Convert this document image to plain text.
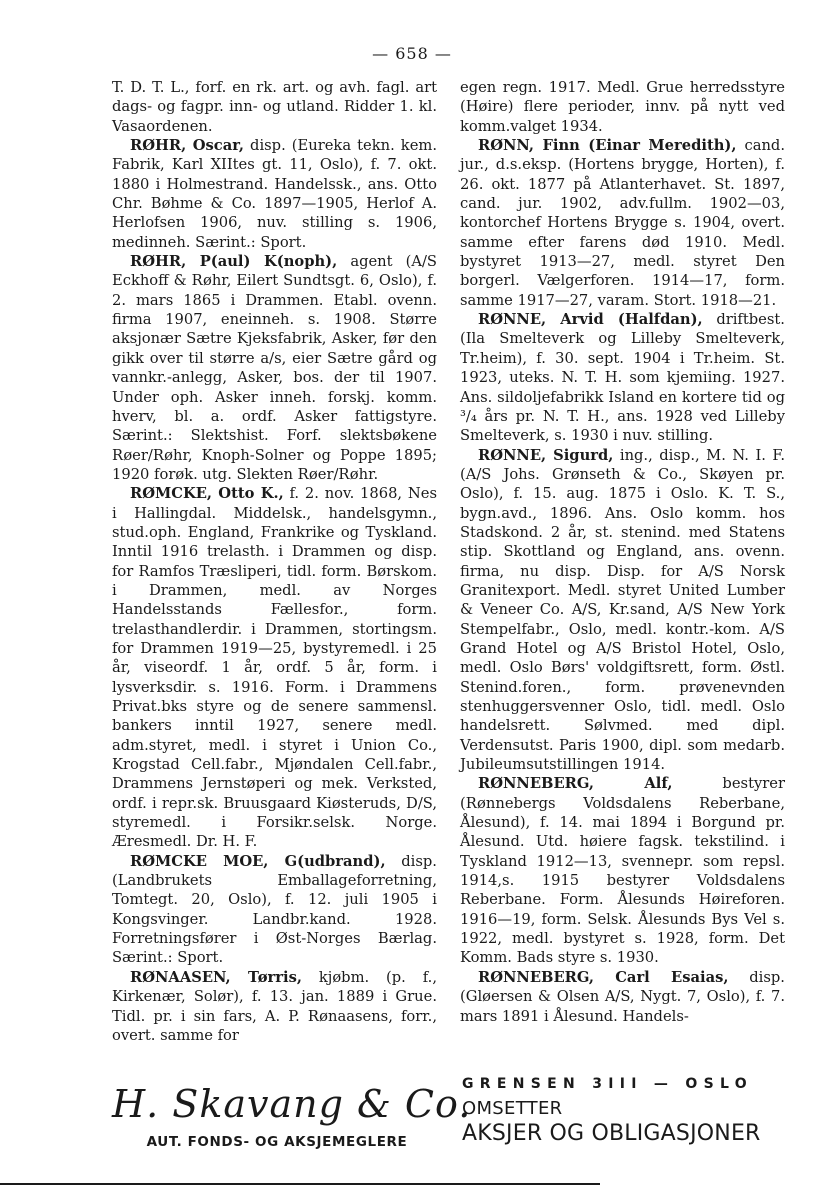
— 658 —

T. D. T. L., forf. en rk. art. og avh. fagl. art dags- og fagpr. inn- og utland. Ridder 1. kl. Vasaordenen.

RØHR, Oscar, disp. (Eureka tekn. kem. Fabrik, Karl XIItes gt. 11, Oslo), f. 7. okt. 1880 i Holmestrand. Handelssk., ans. Otto Chr. Bøhme & Co. 1897—1905, Herlof A. Herlofsen 1906, nuv. stilling s. 1906, medinneh. Særint.: Sport.

RØHR, P(aul) K(noph), agent (A/S Eckhoff & Røhr, Eilert Sundtsgt. 6, Oslo), f. 2. mars 1865 i Drammen. Etabl. ovenn. firma 1907, eneinneh. s. 1908. Større aksjonær Sætre Kjeksfabrik, Asker, før den gikk over til større a/s, eier Sætre gård og vannkr.-anlegg, Asker, bos. der til 1907. Under oph. Asker inneh. forskj. komm. hverv, bl. a. ordf. Asker fattigstyre. Særint.: Slektshist. Forf. slektsbøkene Røer/Røhr, Knoph-Solner og Poppe 1895; 1920 forøk. utg. Slekten Røer/Røhr.

RØMCKE, Otto K., f. 2. nov. 1868, Nes i Hallingdal. Middelsk., handelsgymn., stud.oph. England, Frankrike og Tyskland. Inntil 1916 trelasth. i Drammen og disp. for Ramfos Træsliperi, tidl. form. Børskom. i Drammen, medl. av Norges Handelsstands Fællesfor., form. trelasthandlerdir. i Drammen, stortingsm. for Drammen 1919—25, bystyremedl. i 25 år, viseordf. 1 år, ordf. 5 år, form. i lysverksdir. s. 1916. Form. i Drammens Privat.bks styre og de senere sammensl. bankers inntil 1927, senere medl. adm.styret, medl. i styret i Union Co., Krogstad Cell.fabr., Mjøndalen Cell.fabr., Drammens Jernstøperi og mek. Verksted, ordf. i repr.sk. Bruusgaard Kiøsteruds, D/S, styremedl. i Forsikr.selsk. Norge. Æresmedl. Dr. H. F.

RØMCKE MOE, G(udbrand), disp. (Landbrukets Emballageforretning, Tomtegt. 20, Oslo), f. 12. juli 1905 i Kongsvinger. Landbr.kand. 1928. Forretningsfører i Øst-Norges Bærlag. Særint.: Sport.

RØNAASEN, Tørris, kjøbm. (p. f., Kirkenær, Solør), f. 13. jan. 1889 i Grue. Tidl. pr. i sin fars, A. P. Rønaasens, forr., overt. samme for

egen regn. 1917. Medl. Grue herredsstyre (Høire) flere perioder, innv. på nytt ved komm.valget 1934.

RØNN, Finn (Einar Meredith), cand. jur., d.s.eksp. (Hortens brygge, Horten), f. 26. okt. 1877 på Atlanterhavet. St. 1897, cand. jur. 1902, adv.fullm. 1902—03, kontorchef Hortens Brygge s. 1904, overt. samme efter farens død 1910. Medl. bystyret 1913—27, medl. styret Den borgerl. Vælgerforen. 1914—17, form. samme 1917—27, varam. Stort. 1918—21.

RØNNE, Arvid (Halfdan), driftbest. (Ila Smelteverk og Lilleby Smelteverk, Tr.heim), f. 30. sept. 1904 i Tr.heim. St. 1923, uteks. N. T. H. som kjemiing. 1927. Ans. sildoljefabrikk Island en kortere tid og ³/₄ års pr. N. T. H., ans. 1928 ved Lilleby Smelteverk, s. 1930 i nuv. stilling.

RØNNE, Sigurd, ing., disp., M. N. I. F. (A/S Johs. Grønseth & Co., Skøyen pr. Oslo), f. 15. aug. 1875 i Oslo. K. T. S., bygn.avd., 1896. Ans. Oslo komm. hos Stadskond. 2 år, st. stenind. med Statens stip. Skottland og England, ans. ovenn. firma, nu disp. Disp. for A/S Norsk Granitexport. Medl. styret United Lumber & Veneer Co. A/S, Kr.sand, A/S New York Stempelfabr., Oslo, medl. kontr.-kom. A/S Grand Hotel og A/S Bristol Hotel, Oslo, medl. Oslo Børs' voldgiftsrett, form. Østl. Stenind.foren., form. prøvenevnden stenhuggersvenner Oslo, tidl. medl. Oslo handelsrett. Sølvmed. med dipl. Verdensutst. Paris 1900, dipl. som medarb. Jubileumsutstillingen 1914.

RØNNEBERG, Alf, bestyrer (Rønnebergs Voldsdalens Reberbane, Ålesund), f. 14. mai 1894 i Borgund pr. Ålesund. Utd. høiere fagsk. tekstilind. i Tyskland 1912—13, svennepr. som repsl. 1914,s. 1915 bestyrer Voldsdalens Reberbane. Form. Ålesunds Høireforen. 1916—19, form. Selsk. Ålesunds Bys Vel s. 1922, medl. bystyret s. 1928, form. Det Komm. Bads styre s. 1930.

RØNNEBERG, Carl Esaias, disp. (Gløersen & Olsen A/S, Nygt. 7, Oslo), f. 7. mars 1891 i Ålesund. Handels-

H. Skavang & Co.
AUT. FONDS- OG AKSJEMEGLERE
GRENSEN 3III — OSLO
OMSETTER
AKSJER OG OBLIGASJONER
